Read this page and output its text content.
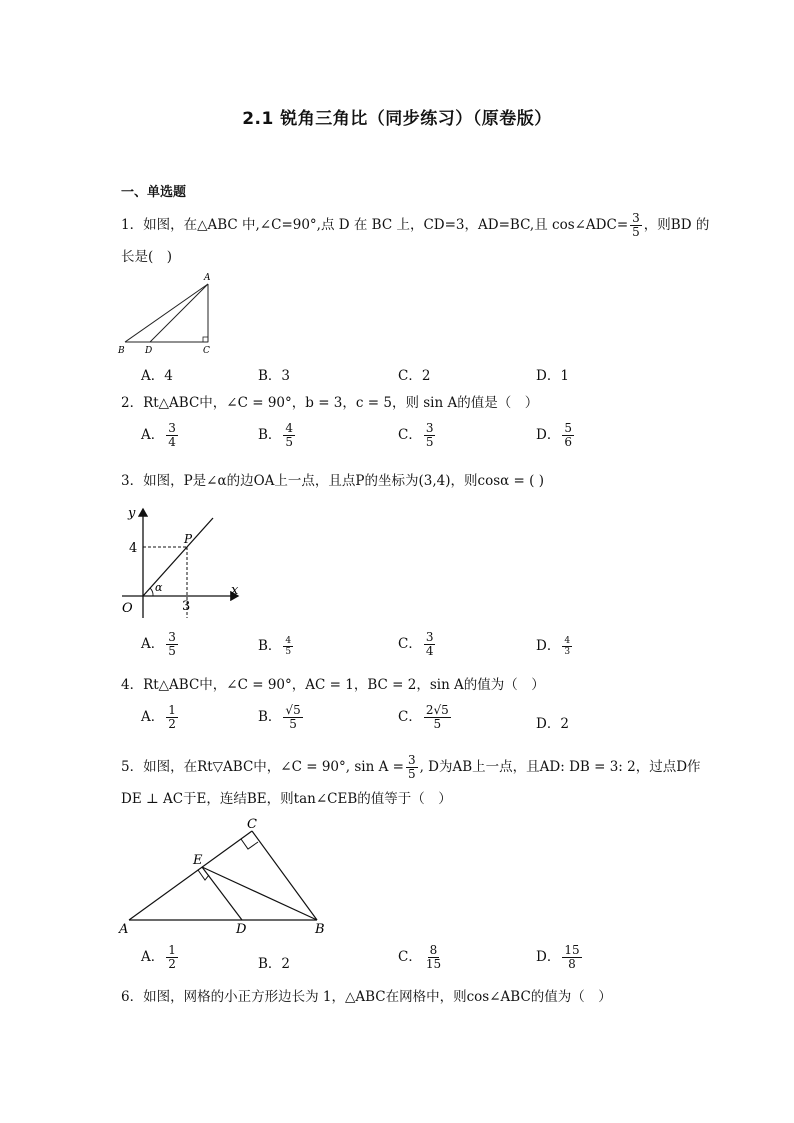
2.1 锐角三角比（同步练习）（原卷版）
一、单选题
1．如图，在△ABC 中,∠C=90°,点 D 在 BC 上，CD=3，AD=BC,且 cos∠ADC= $\frac{3}{5}$ ，则BD 的
长是(　)
A
B D	C
A．4	B．3	C．2	D．1
2．Rt△ABC中，∠C = 90°，b = 3，c = 5，则 sin A的值是（　）
A． $\frac{3}{4}$	B． $\frac{4}{5}$	C． $\frac{3}{5}$	D． $\frac{5}{6}$
3．如图，P是∠α的边OA上一点，且点P的坐标为(3,4)，则cosα = ( )
y
x
O
P
4
3
α
A． $\frac{3}{5}$	B． $\frac{4}{5}$	C． $\frac{3}{4}$	D． $\frac{4}{3}$
4．Rt△ABC中，∠C = 90°，AC = 1，BC = 2，sin A的值为（　）
A． $\frac{1}{2}$	B． $\frac{√5}{5}$	C． $\frac{2√5}{5}$	D．2
5．如图，在Rt▽ABC中，∠C = 90°, $\sin A = \frac{3}{5}$ , D为AB上一点，且AD: DB = 3: 2，过点D作
DE ⊥ AC于E，连结BE，则tan∠CEB的值等于（　）
A	D	B
C
E
A． $\frac{1}{2}$	B．2	C． $\frac{8}{15}$	D． $\frac{15}{8}$
6．如图，网格的小正方形边长为 1，△ABC在网格中，则cos∠ABC的值为（　）
